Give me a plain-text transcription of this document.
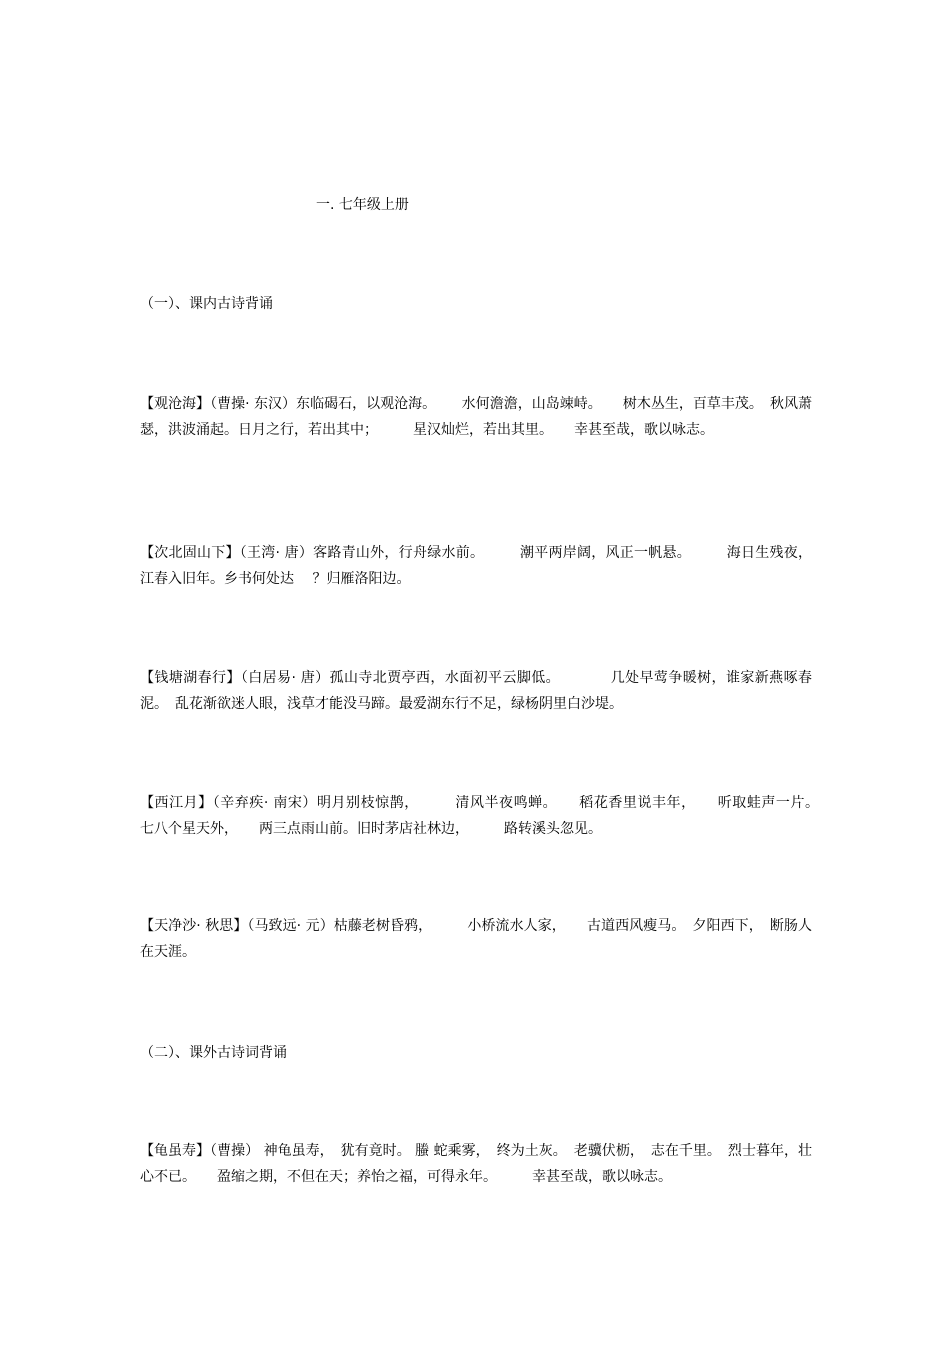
一. 七年级上册
（一）、课内古诗背诵
【观沧海】（曹操· 东汉）东临碣石，以观沧海。　　 水何澹澹，山岛竦峙。　　树木丛生，百草丰茂。　秋风萧瑟，洪波涌起。日月之行，若出其中；　　　星汉灿烂，若出其里。　　幸甚至哉，歌以咏志。
【次北固山下】（王湾· 唐）客路青山外，行舟绿水前。　　　潮平两岸阔，风正一帆悬。　　　海日生残夜，江春入旧年。乡书何处达　 ？归雁洛阳边。
【钱塘湖春行】（白居易· 唐）孤山寺北贾亭西，水面初平云脚低。　　　　几处早莺争暖树，谁家新燕啄春泥。　乱花渐欲迷人眼，浅草才能没马蹄。最爱湖东行不足，绿杨阴里白沙堤。
【西江月】（辛弃疾· 南宋）明月别枝惊鹊，　　　清风半夜鸣蝉。　　稻花香里说丰年，　　听取蛙声一片。　七八个星天外，　　两三点雨山前。旧时茅店社林边，　　　路转溪头忽见。
【天净沙· 秋思】（马致远· 元）枯藤老树昏鸦，　　　小桥流水人家，　　古道西风瘦马。　夕阳西下，　断肠人在天涯。
（二）、课外古诗词背诵
【龟虽寿】（曹操） 神龟虽寿，　犹有竟时。 螣 蛇乘雾，　终为土灰。　老骥伏枥，　志在千里。　烈士暮年，壮心不已。　　盈缩之期，不但在天；养怡之福，可得永年。　　　幸甚至哉，歌以咏志。
